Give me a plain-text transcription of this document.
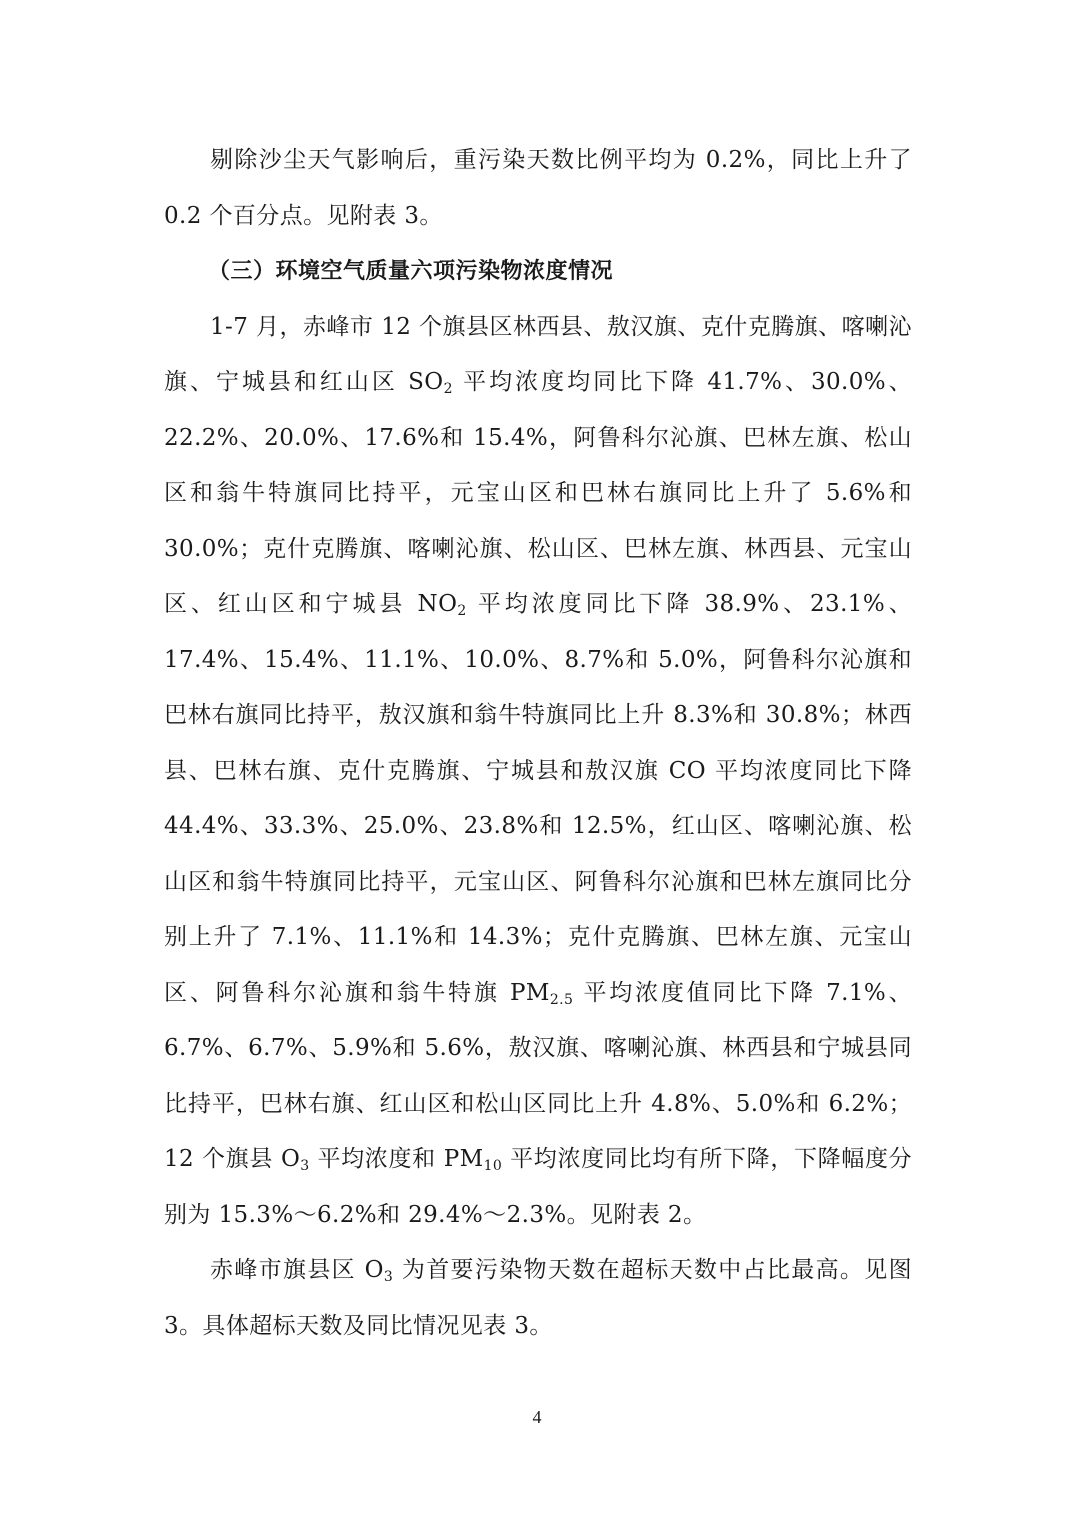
剔除沙尘天气影响后，重污染天数比例平均为 0.2%，同比上升了 0.2 个百分点。见附表 3。

（三）环境空气质量六项污染物浓度情况

1-7 月，赤峰市 12 个旗县区林西县、敖汉旗、克什克腾旗、喀喇沁旗、宁城县和红山区 $SO_2$ 平均浓度均同比下降 41.7%、30.0%、22.2%、20.0%、17.6%和 15.4%，阿鲁科尔沁旗、巴林左旗、松山区和翁牛特旗同比持平，元宝山区和巴林右旗同比上升了 5.6%和 30.0%；克什克腾旗、喀喇沁旗、松山区、巴林左旗、林西县、元宝山区、红山区和宁城县 $NO_2$ 平均浓度同比下降 38.9%、23.1%、17.4%、15.4%、11.1%、10.0%、8.7%和 5.0%，阿鲁科尔沁旗和巴林右旗同比持平，敖汉旗和翁牛特旗同比上升 8.3%和 30.8%；林西县、巴林右旗、克什克腾旗、宁城县和敖汉旗 CO 平均浓度同比下降 44.4%、33.3%、25.0%、23.8%和 12.5%，红山区、喀喇沁旗、松山区和翁牛特旗同比持平，元宝山区、阿鲁科尔沁旗和巴林左旗同比分别上升了 7.1%、11.1%和 14.3%；克什克腾旗、巴林左旗、元宝山区、阿鲁科尔沁旗和翁牛特旗 $PM_{2.5}$ 平均浓度值同比下降 7.1%、6.7%、6.7%、5.9%和 5.6%，敖汉旗、喀喇沁旗、林西县和宁城县同比持平，巴林右旗、红山区和松山区同比上升 4.8%、5.0%和 6.2%；12 个旗县 $O_3$ 平均浓度和 $PM_{10}$ 平均浓度同比均有所下降，下降幅度分别为 15.3%～6.2%和 29.4%～2.3%。见附表 2。

赤峰市旗县区 $O_3$ 为首要污染物天数在超标天数中占比最高。见图 3。具体超标天数及同比情况见表 3。

4
